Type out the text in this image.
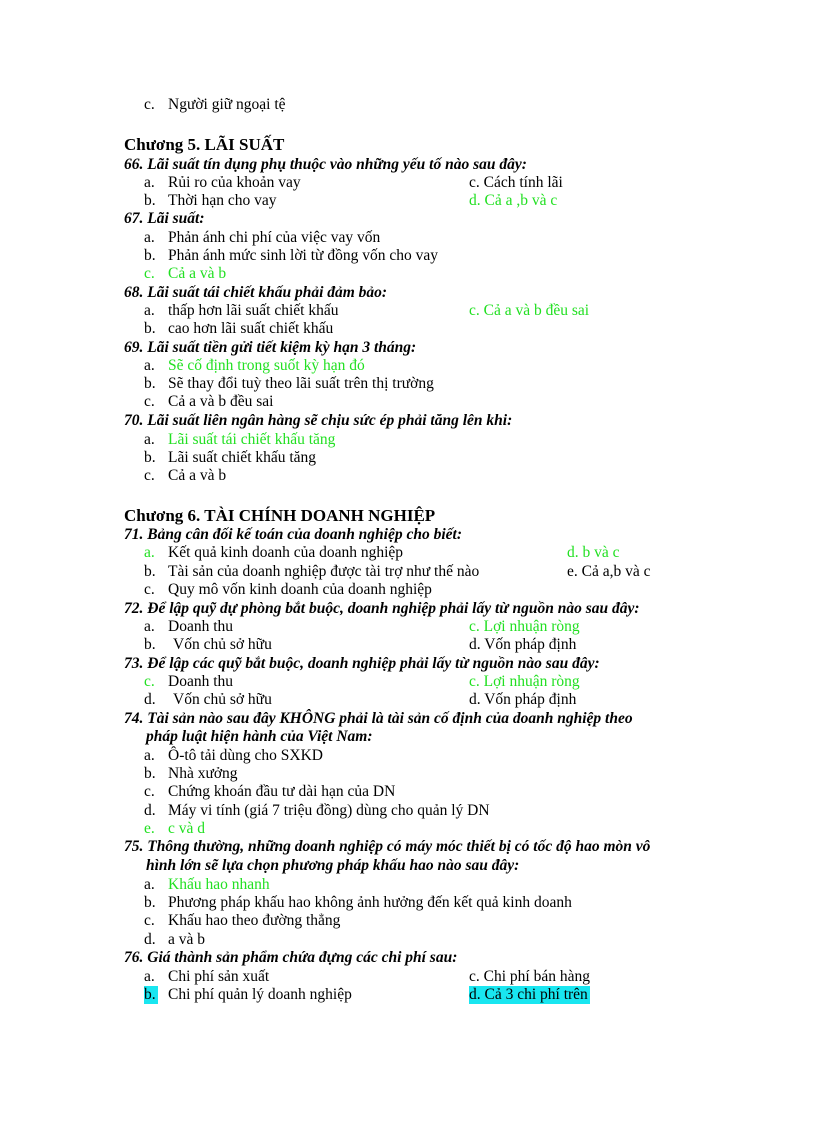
c. Người giữ ngoại tệ
Chương 5. LÃI SUẤT
66. Lãi suất tín dụng phụ thuộc vào những yếu tố nào sau đây:
a. Rủi ro của khoản vay	c. Cách tính lãi
b. Thời hạn cho vay	d. Cả a ,b và c
67. Lãi suất:
a. Phản ánh chi phí của việc vay vốn
b. Phản ánh mức sinh lời từ đồng vốn cho vay
c. Cả a và b
68. Lãi suất tái chiết khấu phải đảm bảo:
a. thấp hơn lãi suất chiết khấu	c. Cả a và b đều sai
b. cao hơn lãi suất chiết khấu
69. Lãi suất tiền gửi tiết kiệm kỳ hạn 3 tháng:
a. Sẽ cố định trong suốt kỳ hạn đó
b. Sẽ thay đổi tuỳ theo lãi suất trên thị trường
c. Cả a và b đều sai
70. Lãi suất liên ngân hàng sẽ chịu sức ép phải tăng lên khi:
a. Lãi suất tái chiết khấu tăng
b. Lãi suất chiết khấu tăng
c. Cả a và b
Chương 6. TÀI CHÍNH DOANH NGHIỆP
71. Bảng cân đối kế toán của doanh nghiệp cho biết:
a. Kết quả kinh doanh của doanh nghiệp	d. b và c
b. Tài sản của doanh nghiệp được tài trợ như thế nào	e. Cả a,b và c
c. Quy mô vốn kinh doanh của doanh nghiệp
72. Để lập quỹ dự phòng bắt buộc, doanh nghiệp phải lấy từ nguồn nào sau đây:
a. Doanh thu	c. Lợi nhuận ròng
b. Vốn chủ sở hữu	d. Vốn pháp định
73. Để lập các quỹ bắt buộc, doanh nghiệp phải lấy từ nguồn nào sau đây:
c. Doanh thu	c. Lợi nhuận ròng
d. Vốn chủ sở hữu	d. Vốn pháp định
74. Tài sản nào sau đây KHÔNG phải là tài sản cố định của doanh nghiệp theo
pháp luật hiện hành của Việt Nam:
a. Ô-tô tải dùng cho SXKD
b. Nhà xưởng
c. Chứng khoán đầu tư dài hạn của DN
d. Máy vi tính (giá 7 triệu đồng) dùng cho quản lý DN
e. c và d
75. Thông thường, những doanh nghiệp có máy móc thiết bị có tốc độ hao mòn vô
hình lớn sẽ lựa chọn phương pháp khấu hao nào sau đây:
a. Khấu hao nhanh
b. Phương pháp khấu hao không ảnh hưởng đến kết quả kinh doanh
c. Khấu hao theo đường thẳng
d. a và b
76. Giá thành sản phẩm chứa đựng các chi phí sau:
a. Chi phí sản xuất	c. Chi phí bán hàng
b. Chi phí quản lý doanh nghiệp	d. Cả 3 chi phí trên
